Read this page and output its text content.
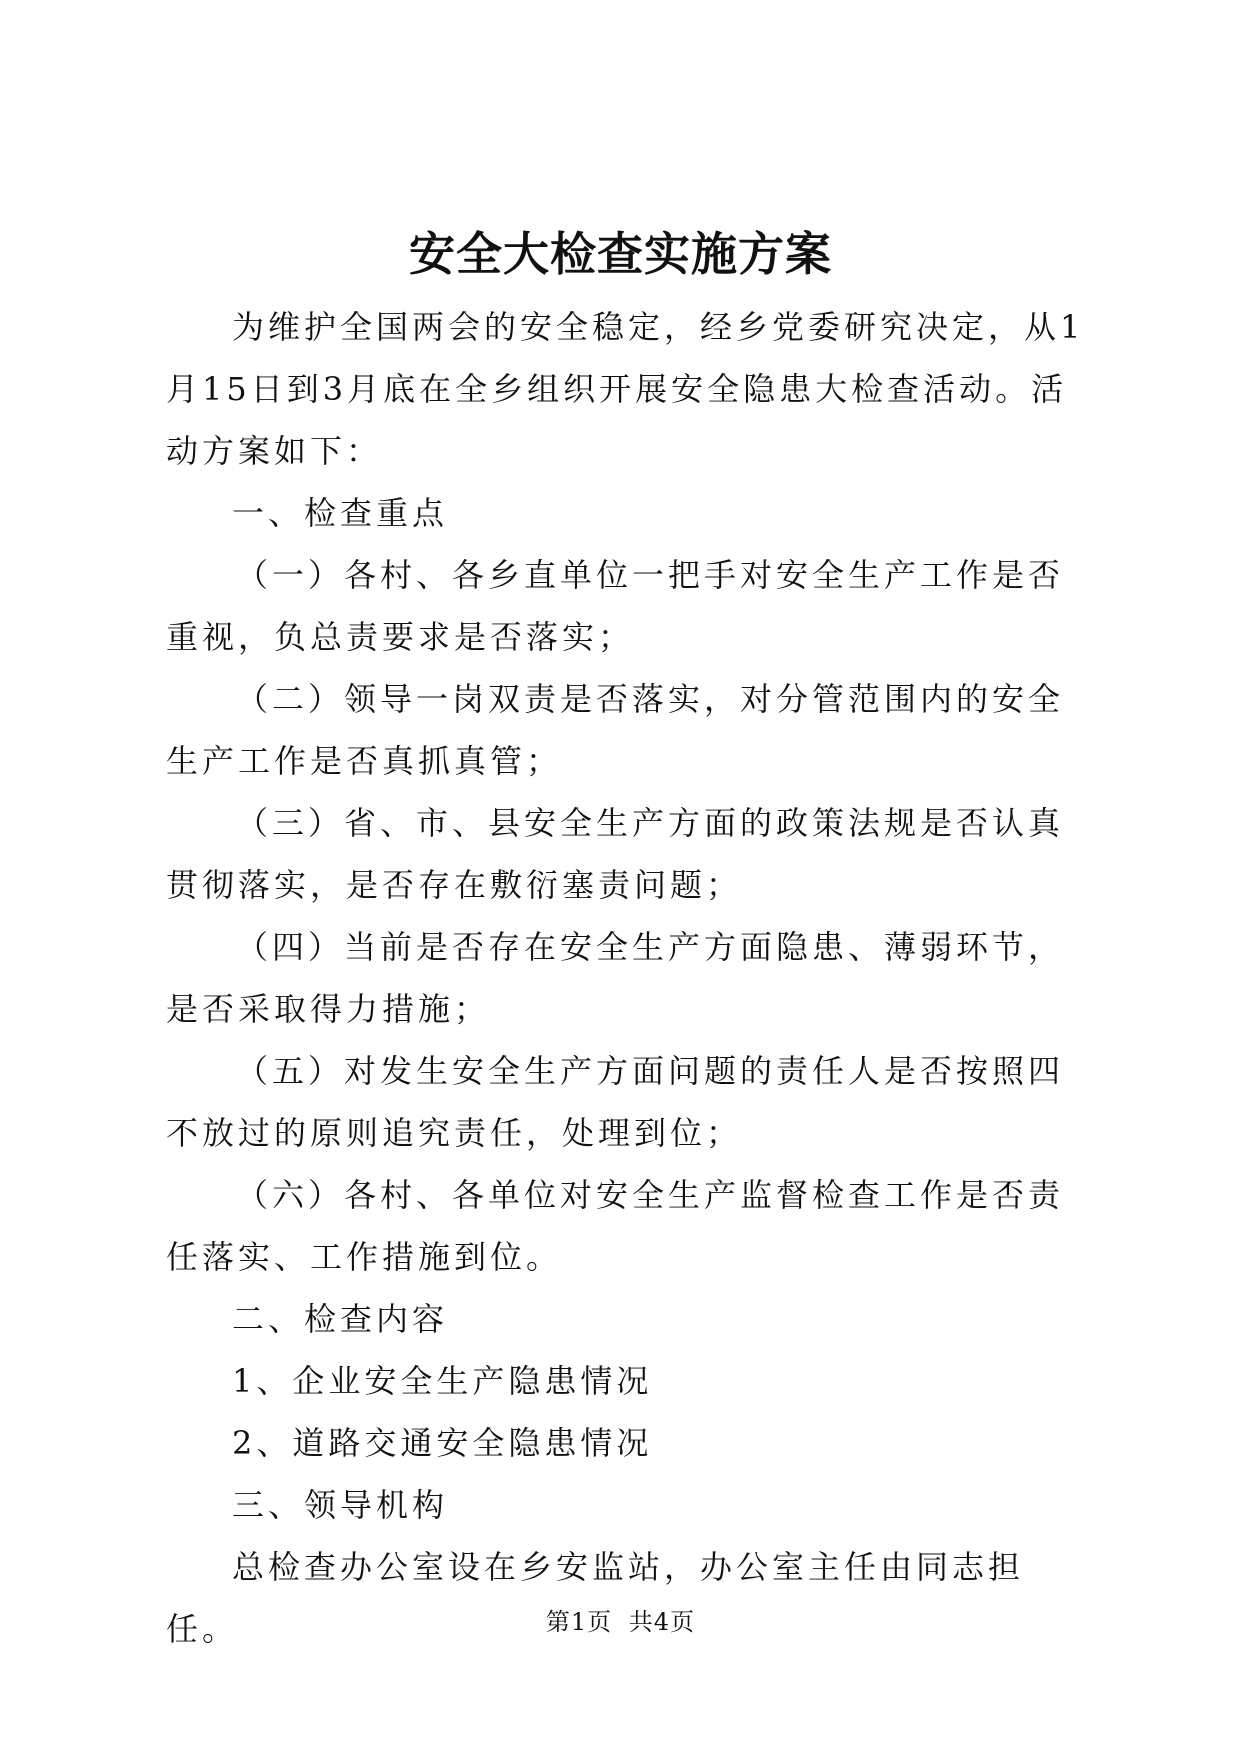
安全大检查实施方案

为维护全国两会的安全稳定，经乡党委研究决定，从1月15日到3月底在全乡组织开展安全隐患大检查活动。活动方案如下：

一、检查重点

（一）各村、各乡直单位一把手对安全生产工作是否重视，负总责要求是否落实；

（二）领导一岗双责是否落实，对分管范围内的安全生产工作是否真抓真管；

（三）省、市、县安全生产方面的政策法规是否认真贯彻落实，是否存在敷衍塞责问题；

（四）当前是否存在安全生产方面隐患、薄弱环节，是否采取得力措施；

（五）对发生安全生产方面问题的责任人是否按照四不放过的原则追究责任，处理到位；

（六）各村、各单位对安全生产监督检查工作是否责任落实、工作措施到位。

二、检查内容

1、企业安全生产隐患情况

2、道路交通安全隐患情况

三、领导机构

总检查办公室设在乡安监站，办公室主任由同志担任。	第1页 共4页
